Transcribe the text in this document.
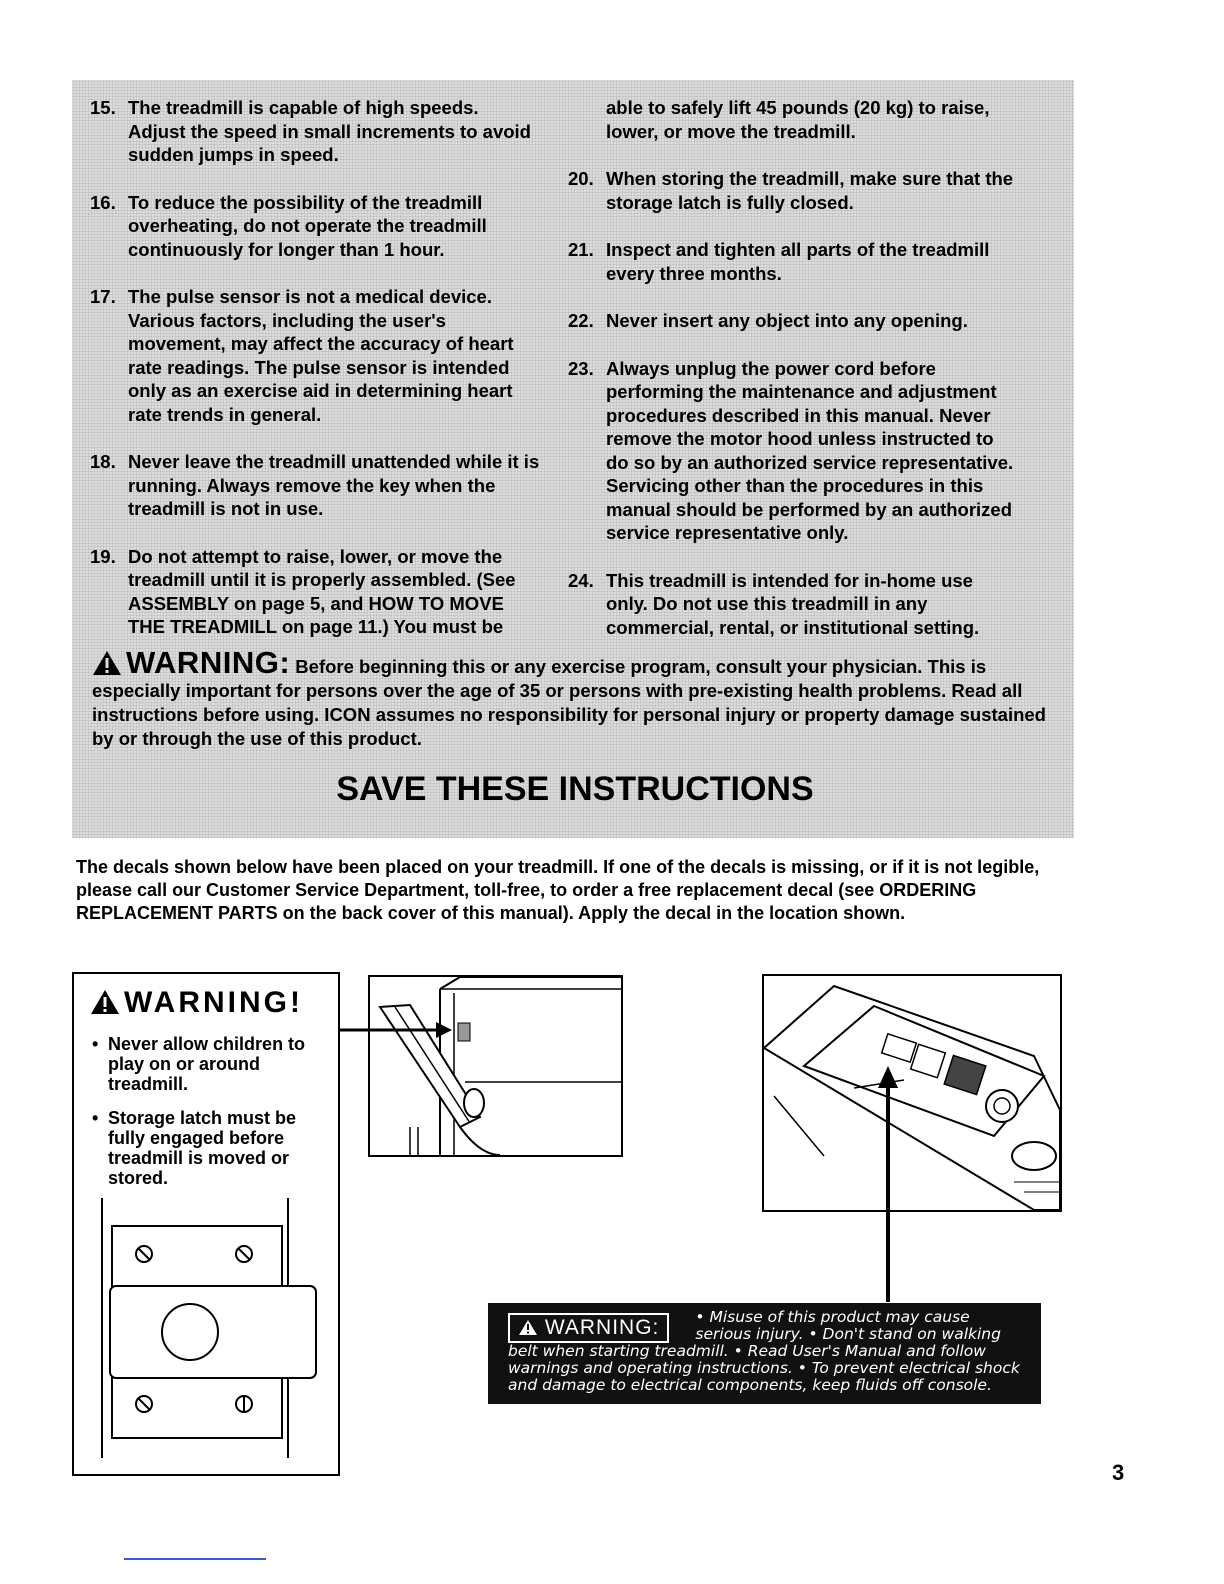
15. The treadmill is capable of high speeds. Adjust the speed in small increments to avoid sudden jumps in speed.
16. To reduce the possibility of the treadmill overheating, do not operate the treadmill continuously for longer than 1 hour.
17. The pulse sensor is not a medical device. Various factors, including the user's movement, may affect the accuracy of heart rate readings. The pulse sensor is intended only as an exercise aid in determining heart rate trends in general.
18. Never leave the treadmill unattended while it is running. Always remove the key when the treadmill is not in use.
19. Do not attempt to raise, lower, or move the treadmill until it is properly assembled. (See ASSEMBLY on page 5, and HOW TO MOVE THE TREADMILL on page 11.) You must be
able to safely lift 45 pounds (20 kg) to raise, lower, or move the treadmill.
20. When storing the treadmill, make sure that the storage latch is fully closed.
21. Inspect and tighten all parts of the treadmill every three months.
22. Never insert any object into any opening.
23. Always unplug the power cord before performing the maintenance and adjustment procedures described in this manual. Never remove the motor hood unless instructed to do so by an authorized service representative. Servicing other than the procedures in this manual should be performed by an authorized service representative only.
24. This treadmill is intended for in-home use only. Do not use this treadmill in any commercial, rental, or institutional setting.
WARNING: Before beginning this or any exercise program, consult your physician. This is especially important for persons over the age of 35 or persons with pre-existing health problems. Read all instructions before using. ICON assumes no responsibility for personal injury or property damage sustained by or through the use of this product.
SAVE THESE INSTRUCTIONS
The decals shown below have been placed on your treadmill. If one of the decals is missing, or if it is not legible, please call our Customer Service Department, toll-free, to order a free replacement decal (see ORDERING REPLACEMENT PARTS on the back cover of this manual). Apply the decal in the location shown.
WARNING!
• Never allow children to play on or around treadmill.
• Storage latch must be fully engaged before treadmill is moved or stored.
WARNING:	• Misuse of this product may cause serious injury. • Don't stand on walking belt when starting treadmill. • Read User's Manual and follow warnings and operating instructions. • To prevent electrical shock and damage to electrical components, keep fluids off console.
3
